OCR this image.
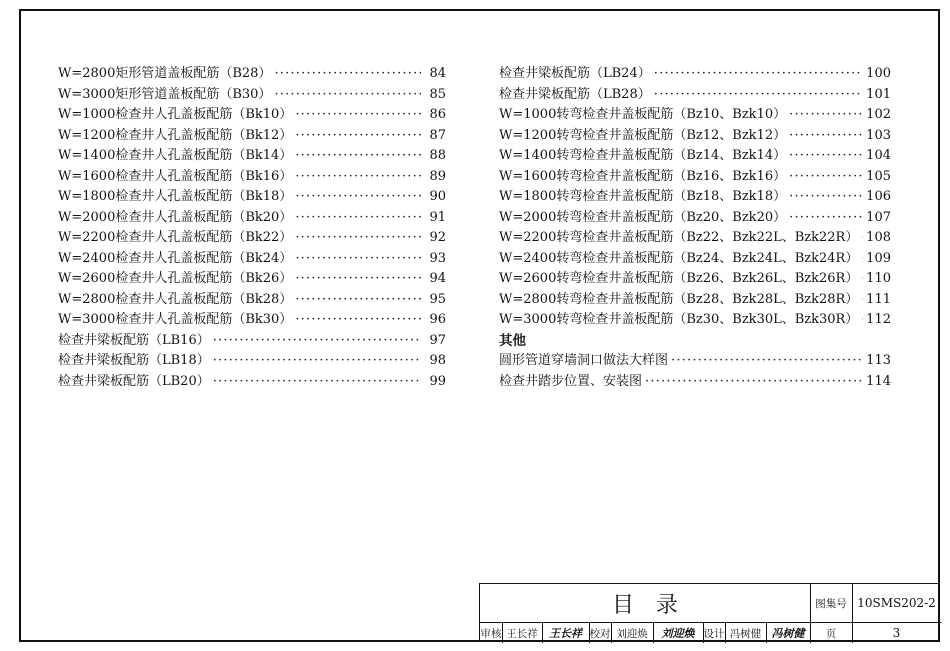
W=2800矩形管道盖板配筋（B28） ·····	84
W=3000矩形管道盖板配筋（B30） ·····	85
W=1000检查井人孔盖板配筋（Bk10） ·····	86
W=1200检查井人孔盖板配筋（Bk12） ·····	87
W=1400检查井人孔盖板配筋（Bk14） ·····	88
W=1600检查井人孔盖板配筋（Bk16） ·····	89
W=1800检查井人孔盖板配筋（Bk18） ·····	90
W=2000检查井人孔盖板配筋（Bk20） ·····	91
W=2200检查井人孔盖板配筋（Bk22） ·····	92
W=2400检查井人孔盖板配筋（Bk24） ·····	93
W=2600检查井人孔盖板配筋（Bk26） ·····	94
W=2800检查井人孔盖板配筋（Bk28） ·····	95
W=3000检查井人孔盖板配筋（Bk30） ·····	96
检查井梁板配筋（LB16） ·····	97
检查井梁板配筋（LB18） ·····	98
检查井梁板配筋（LB20） ·····	99
检查井梁板配筋（LB24） ·····	100
检查井梁板配筋（LB28） ·····	101
W=1000转弯检查井盖板配筋（Bz10、Bzk10） ·····	102
W=1200转弯检查井盖板配筋（Bz12、Bzk12） ·····	103
W=1400转弯检查井盖板配筋（Bz14、Bzk14） ·····	104
W=1600转弯检查井盖板配筋（Bz16、Bzk16） ·····	105
W=1800转弯检查井盖板配筋（Bz18、Bzk18） ·····	106
W=2000转弯检查井盖板配筋（Bz20、Bzk20） ·····	107
W=2200转弯检查井盖板配筋（Bz22、Bzk22L、Bzk22R） ····· 108
W=2400转弯检查井盖板配筋（Bz24、Bzk24L、Bzk24R） ····· 109
W=2600转弯检查井盖板配筋（Bz26、Bzk26L、Bzk26R） ····· 110
W=2800转弯检查井盖板配筋（Bz28、Bzk28L、Bzk28R） ····· 111
W=3000转弯检查井盖板配筋（Bz30、Bzk30L、Bzk30R） ····· 112
其他
圆形管道穿墙洞口做法大样图 ·····	113
检查井踏步位置、安装图 ·····	114
目录	图集号 10SMS202-2
审核 王长祥	王长祥 校对 刘迎焕	刘迎焕 设计 冯树健 冯树健	页	3
